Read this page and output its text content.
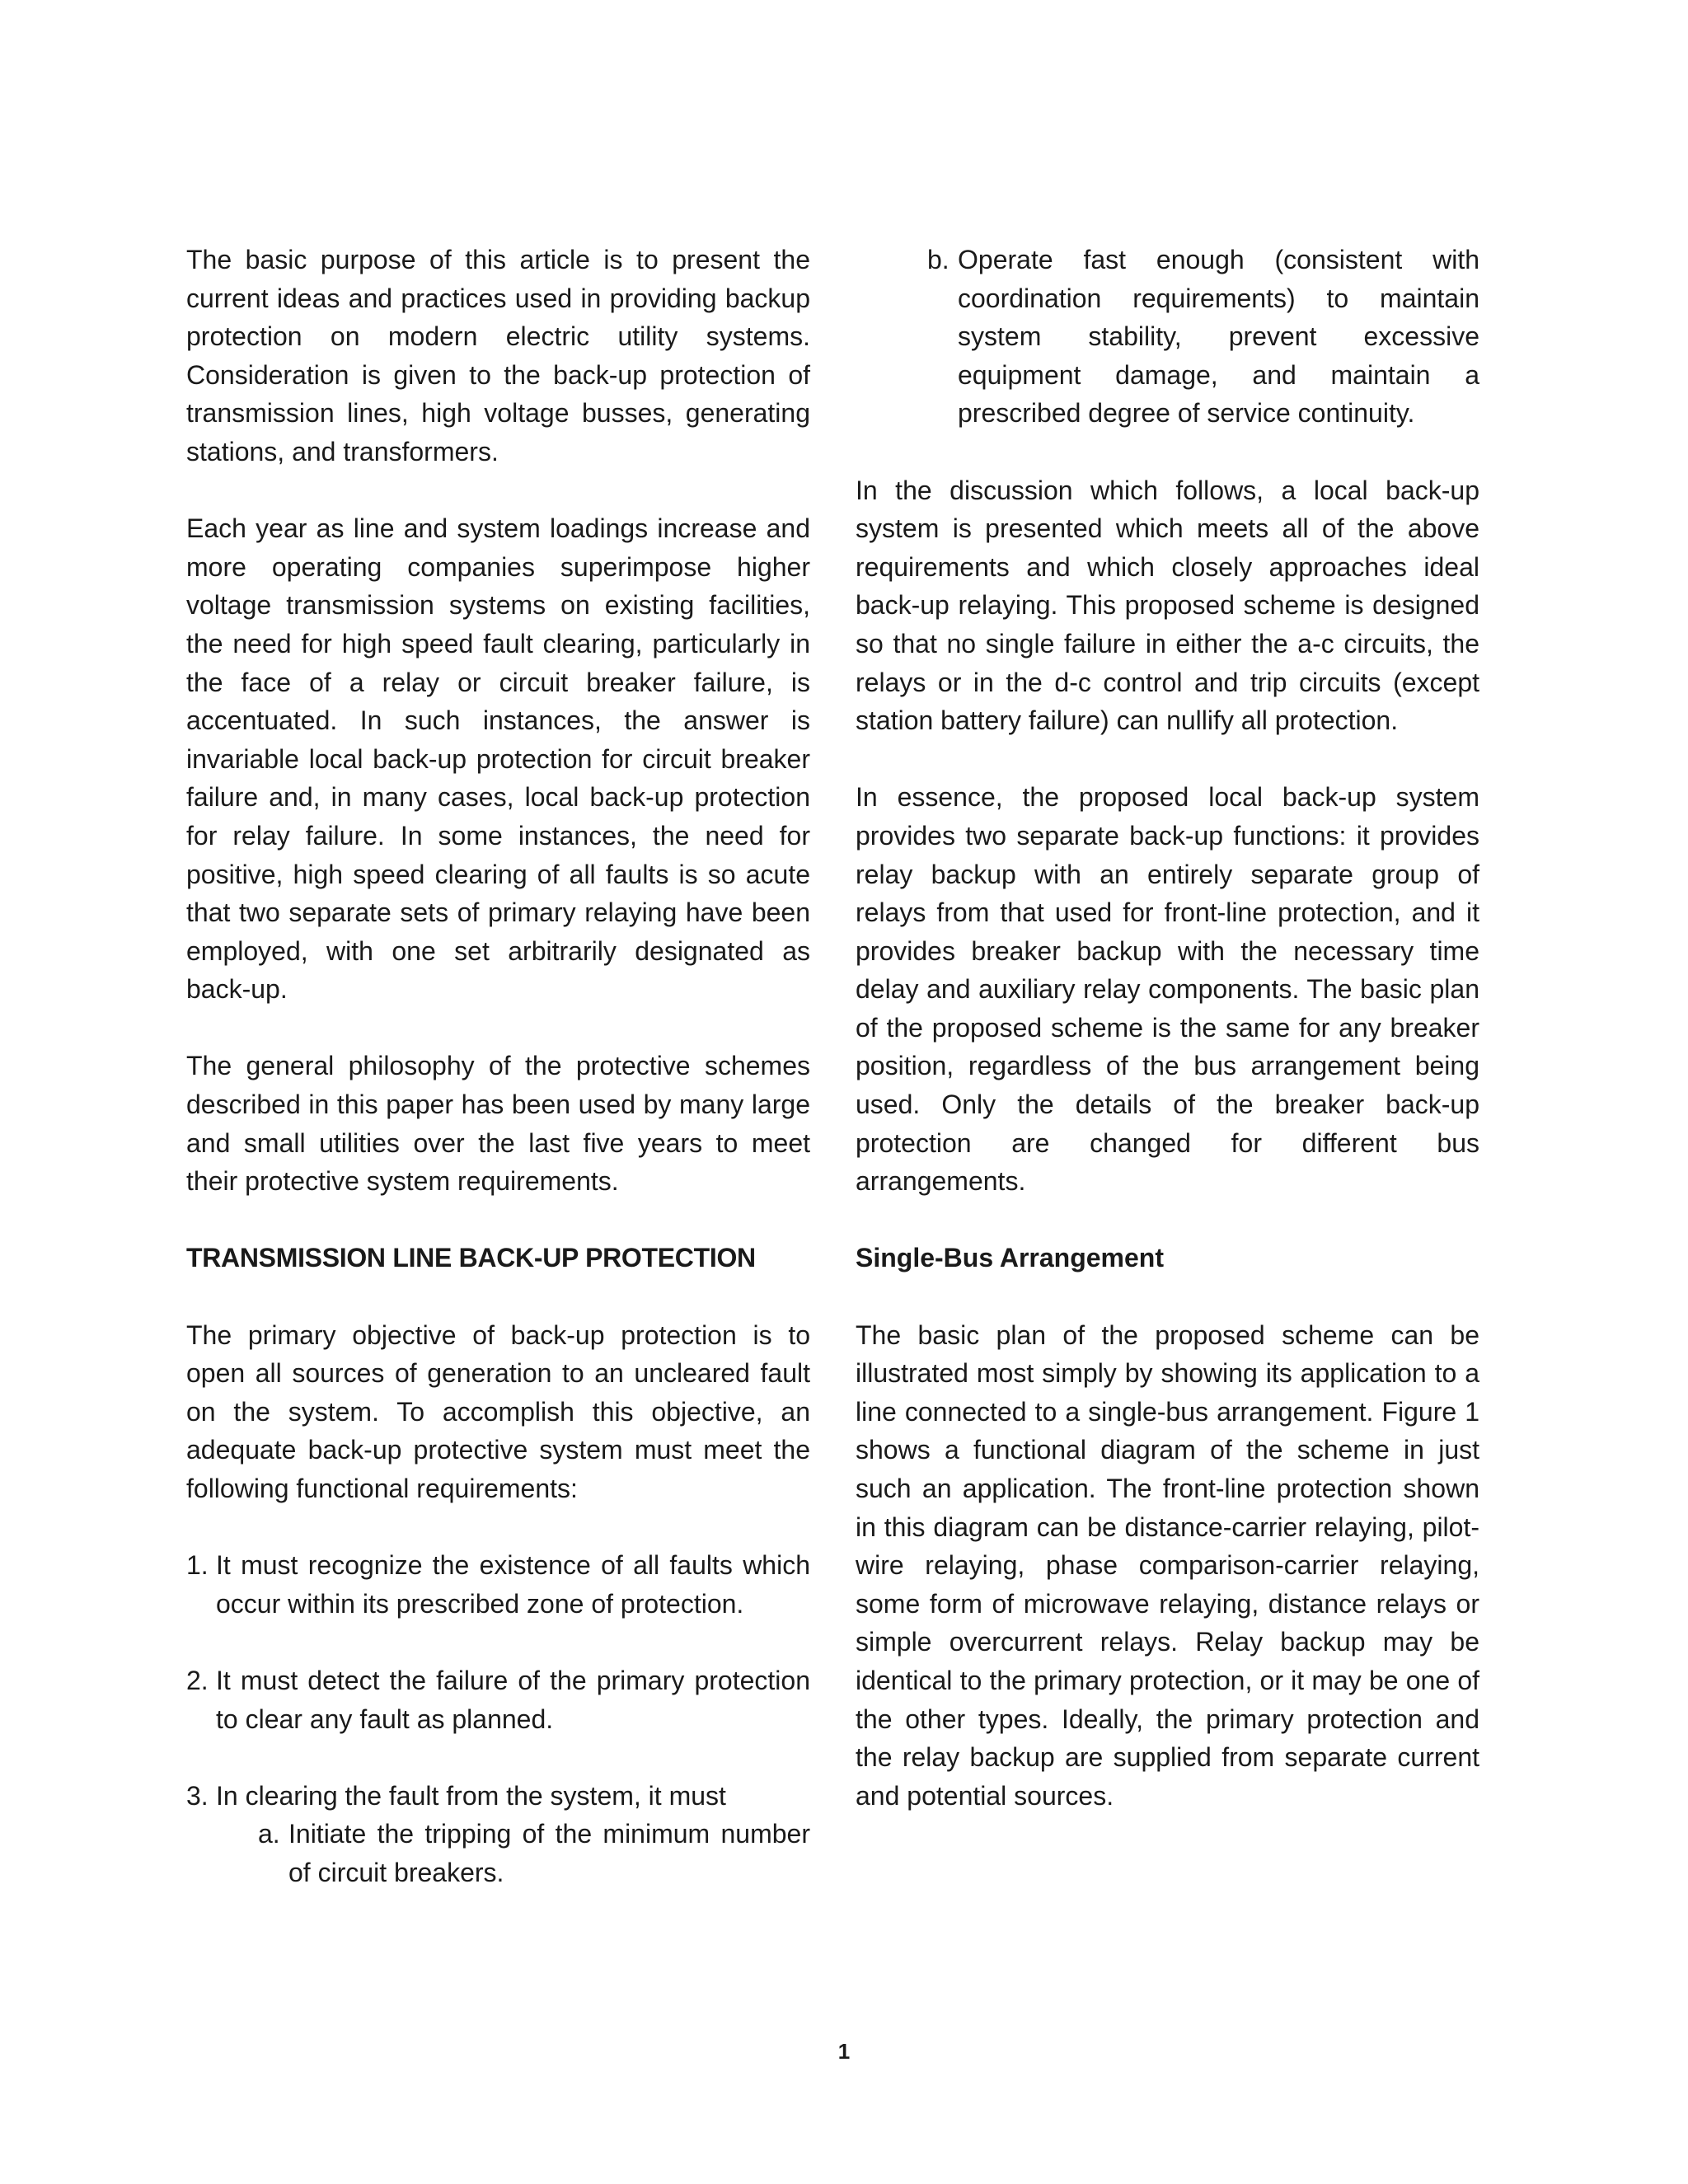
The basic purpose of this article is to present the current ideas and practices used in providing backup protection on modern electric utility systems. Consideration is given to the back-up protection of transmission lines, high voltage busses, generating stations, and transformers.

Each year as line and system loadings increase and more operating companies superimpose higher voltage transmission systems on existing facilities, the need for high speed fault clearing, particularly in the face of a relay or circuit breaker failure, is accentuated. In such instances, the answer is invariable local back-up protection for circuit breaker failure and, in many cases, local back-up protection for relay failure. In some instances, the need for positive, high speed clearing of all faults is so acute that two separate sets of primary relaying have been employed, with one set arbitrarily designated as back-up.

The general philosophy of the protective schemes described in this paper has been used by many large and small utilities over the last five years to meet their protective system requirements.

TRANSMISSION LINE BACK-UP PROTECTION

The primary objective of back-up protection is to open all sources of generation to an uncleared fault on the system. To accomplish this objective, an adequate back-up protective system must meet the following functional requirements:

1. It must recognize the existence of all faults which occur within its prescribed zone of protection.
2. It must detect the failure of the primary protection to clear any fault as planned.
3. In clearing the fault from the system, it must
a. Initiate the tripping of the minimum number of circuit breakers.
b. Operate fast enough (consistent with coordination requirements) to maintain system stability, prevent excessive equipment damage, and maintain a prescribed degree of service continuity.

In the discussion which follows, a local back-up system is presented which meets all of the above requirements and which closely approaches ideal back-up relaying. This proposed scheme is designed so that no single failure in either the a-c circuits, the relays or in the d-c control and trip circuits (except station battery failure) can nullify all protection.

In essence, the proposed local back-up system provides two separate back-up functions: it provides relay backup with an entirely separate group of relays from that used for front-line protection, and it provides breaker backup with the necessary time delay and auxiliary relay components. The basic plan of the proposed scheme is the same for any breaker position, regardless of the bus arrangement being used. Only the details of the breaker back-up protection are changed for different bus arrangements.

Single-Bus Arrangement

The basic plan of the proposed scheme can be illustrated most simply by showing its application to a line connected to a single-bus arrangement. Figure 1 shows a functional diagram of the scheme in just such an application. The front-line protection shown in this diagram can be distance-carrier relaying, pilot-wire relaying, phase comparison-carrier relaying, some form of microwave relaying, distance relays or simple overcurrent relays. Relay backup may be identical to the primary protection, or it may be one of the other types. Ideally, the primary protection and the relay backup are supplied from separate current and potential sources.

1
